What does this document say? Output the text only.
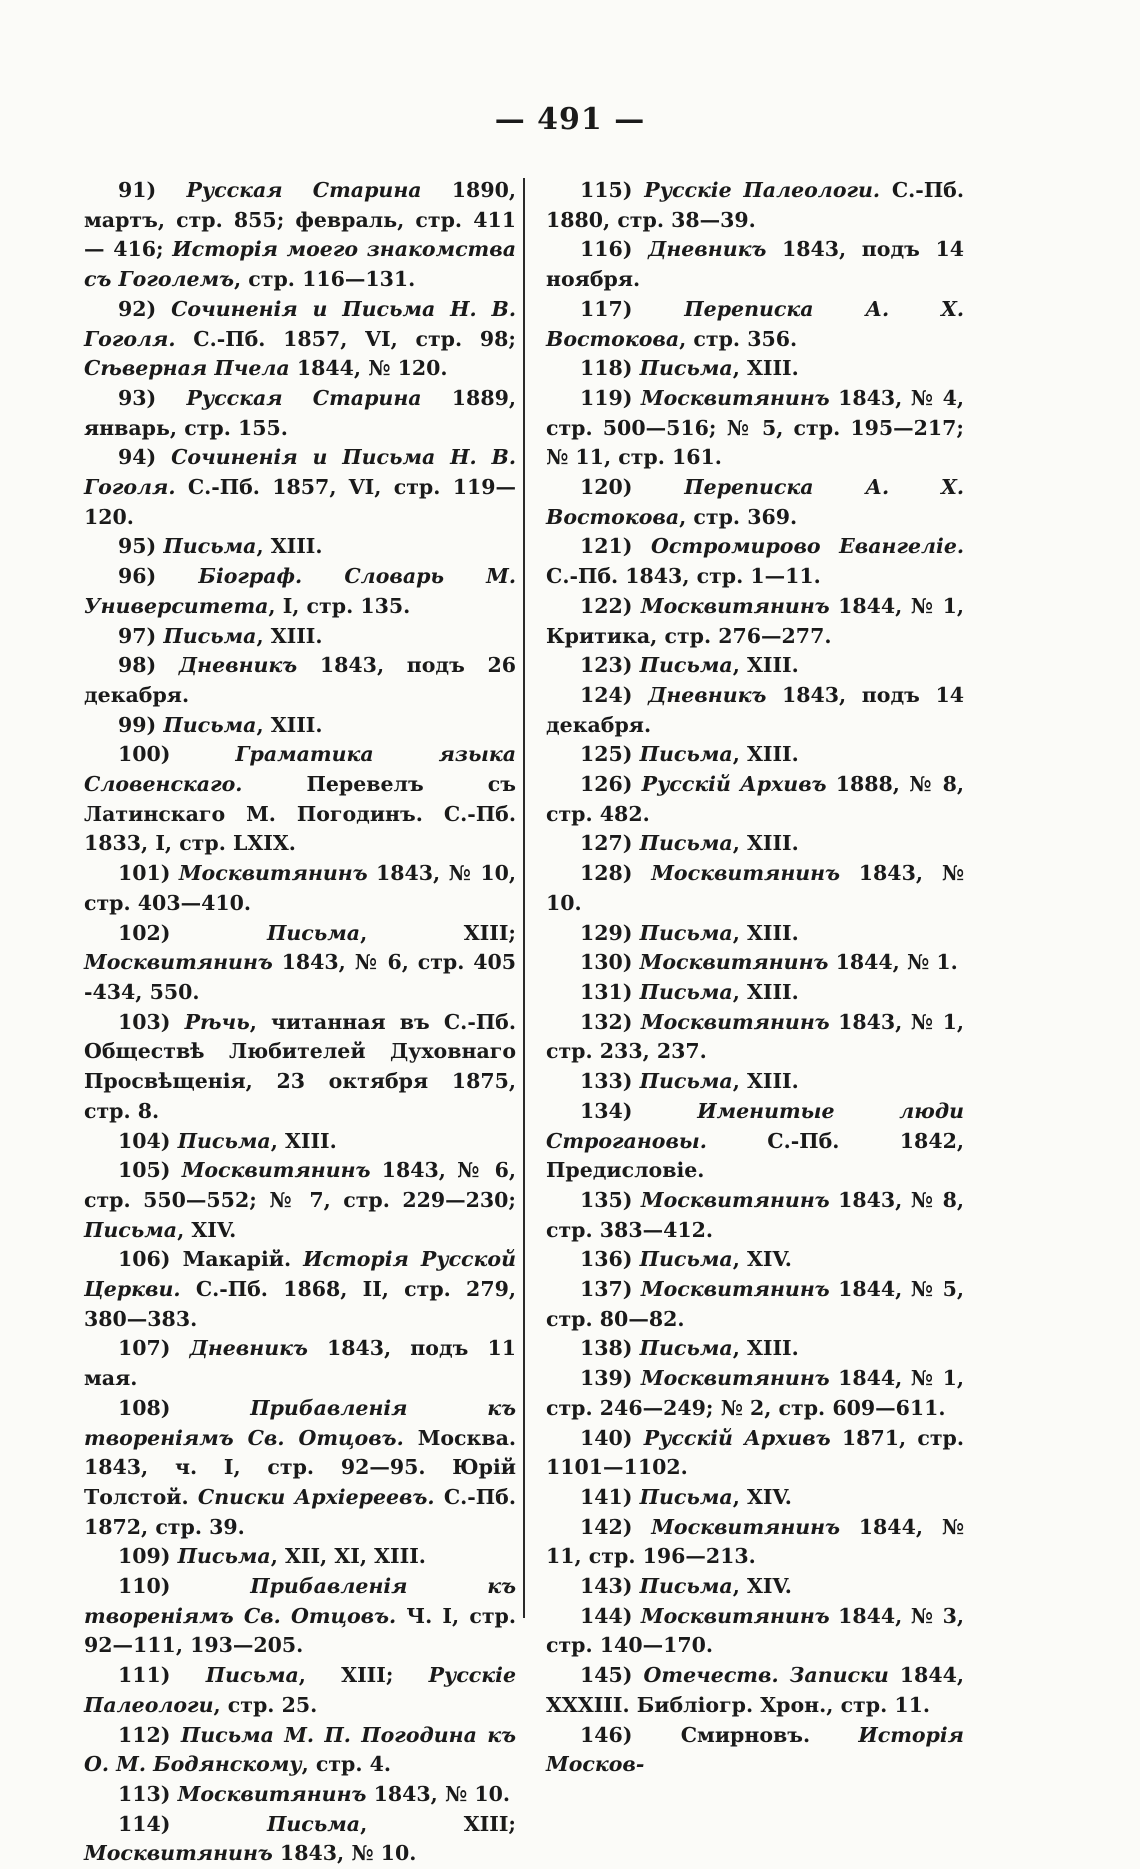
— 491 —
91) Русская Старина 1890, мартъ, стр. 855; февраль, стр. 411 — 416; Исторія моего знакомства съ Гоголемъ, стр. 116—131.
92) Сочиненія и Письма Н. В. Гоголя. С.-Пб. 1857, VI, стр. 98; Сѣверная Пчела 1844, № 120.
93) Русская Старина 1889, январь, стр. 155.
94) Сочиненія и Письма Н. В. Гоголя. С.-Пб. 1857, VI, стр. 119—120.
95) Письма, XIII.
96) Біограф. Словарь М. Университета, I, стр. 135.
97) Письма, XIII.
98) Дневникъ 1843, подъ 26 декабря.
99) Письма, XIII.
100) Граматика языка Словенскаго. Перевелъ съ Латинскаго М. Погодинъ. С.-Пб. 1833, I, стр. LXIX.
101) Москвитянинъ 1843, № 10, стр. 403—410.
102) Письма, XIII; Москвитянинъ 1843, № 6, стр. 405 -434, 550.
103) Рѣчь, читанная въ С.-Пб. Обществѣ Любителей Духовнаго Просвѣщенія, 23 октября 1875, стр. 8.
104) Письма, XIII.
105) Москвитянинъ 1843, № 6, стр. 550—552; № 7, стр. 229—230; Письма, XIV.
106) Макарій. Исторія Русской Церкви. С.-Пб. 1868, II, стр. 279, 380—383.
107) Дневникъ 1843, подъ 11 мая.
108) Прибавленія къ твореніямъ Св. Отцовъ. Москва. 1843, ч. I, стр. 92—95. Юрій Толстой. Списки Архіереевъ. С.-Пб. 1872, стр. 39.
109) Письма, XII, XI, XIII.
110) Прибавленія къ твореніямъ Св. Отцовъ. Ч. I, стр. 92—111, 193—205.
111) Письма, XIII; Русскіе Палеологи, стр. 25.
112) Письма М. П. Погодина къ О. М. Бодянскому, стр. 4.
113) Москвитянинъ 1843, № 10.
114) Письма, XIII; Москвитянинъ 1843, № 10.
115) Русскіе Палеологи. С.-Пб. 1880, стр. 38—39.
116) Дневникъ 1843, подъ 14 ноября.
117) Переписка А. Х. Востокова, стр. 356.
118) Письма, XIII.
119) Москвитянинъ 1843, № 4, стр. 500—516; № 5, стр. 195—217; № 11, стр. 161.
120) Переписка А. Х. Востокова, стр. 369.
121) Остромирово Евангеліе. С.-Пб. 1843, стр. 1—11.
122) Москвитянинъ 1844, № 1, Критика, стр. 276—277.
123) Письма, XIII.
124) Дневникъ 1843, подъ 14 декабря.
125) Письма, XIII.
126) Русскій Архивъ 1888, № 8, стр. 482.
127) Письма, XIII.
128) Москвитянинъ 1843, № 10.
129) Письма, XIII.
130) Москвитянинъ 1844, № 1.
131) Письма, XIII.
132) Москвитянинъ 1843, № 1, стр. 233, 237.
133) Письма, XIII.
134) Именитые люди Строгановы. С.-Пб. 1842, Предисловіе.
135) Москвитянинъ 1843, № 8, стр. 383—412.
136) Письма, XIV.
137) Москвитянинъ 1844, № 5, стр. 80—82.
138) Письма, XIII.
139) Москвитянинъ 1844, № 1, стр. 246—249; № 2, стр. 609—611.
140) Русскій Архивъ 1871, стр. 1101—1102.
141) Письма, XIV.
142) Москвитянинъ 1844, № 11, стр. 196—213.
143) Письма, XIV.
144) Москвитянинъ 1844, № 3, стр. 140—170.
145) Отечеств. Записки 1844, XXXIII. Библіогр. Хрон., стр. 11.
146) Смирновъ. Исторія Москов-
